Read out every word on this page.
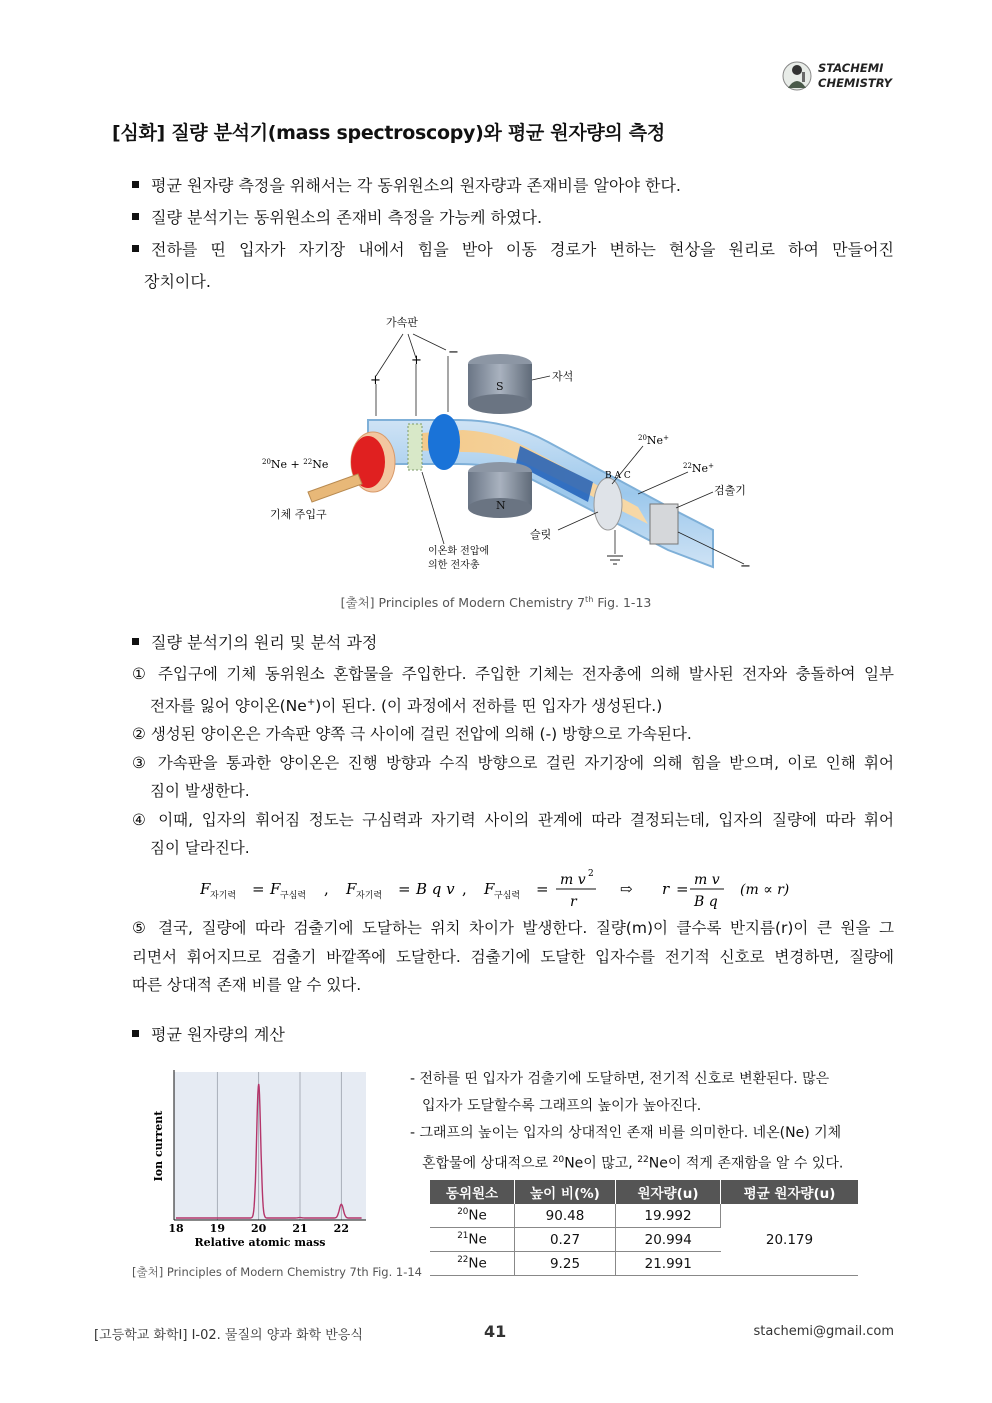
STACHEMI
CHEMISTRY
[심화] 질량 분석기(mass spectroscopy)와 평균 원자량의 측정
평균 원자량 측정을 위해서는 각 동위원소의 원자량과 존재비를 알아야 한다.
질량 분석기는 동위원소의 존재비 측정을 가능케 하였다.
전하를 띤 입자가 자기장 내에서 힘을 받아 이동 경로가 변하는 현상을 원리로 하여 만들어진
장치이다.
S
N
가속판
+
+
−
−
자석
$^{20}$Ne + $^{22}$Ne
기체 주입구
$^{20}$Ne+
$^{22}$Ne+
B A C
검출기
슬릿
이온화 전압에
의한 전자총
[출처] Principles of Modern Chemistry 7th Fig. 1-13
질량 분석기의 원리 및 분석 과정
① 주입구에 기체 동위원소 혼합물을 주입한다. 주입한 기체는 전자총에 의해 발사된 전자와 충돌하여 일부
전자를 잃어 양이온(Ne+)이 된다. (이 과정에서 전하를 띤 입자가 생성된다.)
② 생성된 양이온은 가속판 양쪽 극 사이에 걸린 전압에 의해 (-) 방향으로 가속된다.
③ 가속판을 통과한 양이온은 진행 방향과 수직 방향으로 걸린 자기장에 의해 힘을 받으며, 이로 인해 휘어
짐이 발생한다.
④ 이때, 입자의 휘어짐 정도는 구심력과 자기력 사이의 관계에 따라 결정되는데, 입자의 질량에 따라 휘어
짐이 달라진다.
F 자기력 = F 구심력 , F 자기력 = B q v , F 구심력 = m v 2
r
⇨ r = m v
B q
(m ∝ r)
⑤ 결국, 질량에 따라 검출기에 도달하는 위치 차이가 발생한다. 질량(m)이 클수록 반지름(r)이 큰 원을 그
리면서 휘어지므로 검출기 바깥쪽에 도달한다. 검출기에 도달한 입자수를 전기적 신호로 변경하면, 질량에
따른 상대적 존재 비를 알 수 있다.
평균 원자량의 계산
18 19 20 21 22
Relative atomic mass
Ion current
[출처] Principles of Modern Chemistry 7th Fig. 1-14
- 전하를 띤 입자가 검출기에 도달하면, 전기적 신호로 변환된다. 많은
입자가 도달할수록 그래프의 높이가 높아진다.
- 그래프의 높이는 입자의 상대적인 존재 비를 의미한다. 네온(Ne) 기체
혼합물에 상대적으로 $^{20}$Ne이 많고, $^{22}$Ne이 적게 존재함을 알 수 있다.
동위원소	높이 비(%)	원자량(u)	평균 원자량(u)
$^{20}$Ne	90.48	19.992	20.179
$^{21}$Ne	0.27	20.994	
$^{22}$Ne	9.25	21.991	
[고등학교 화학Ⅰ] Ⅰ-02. 물질의 양과 화학 반응식	41	stachemi@gmail.com
